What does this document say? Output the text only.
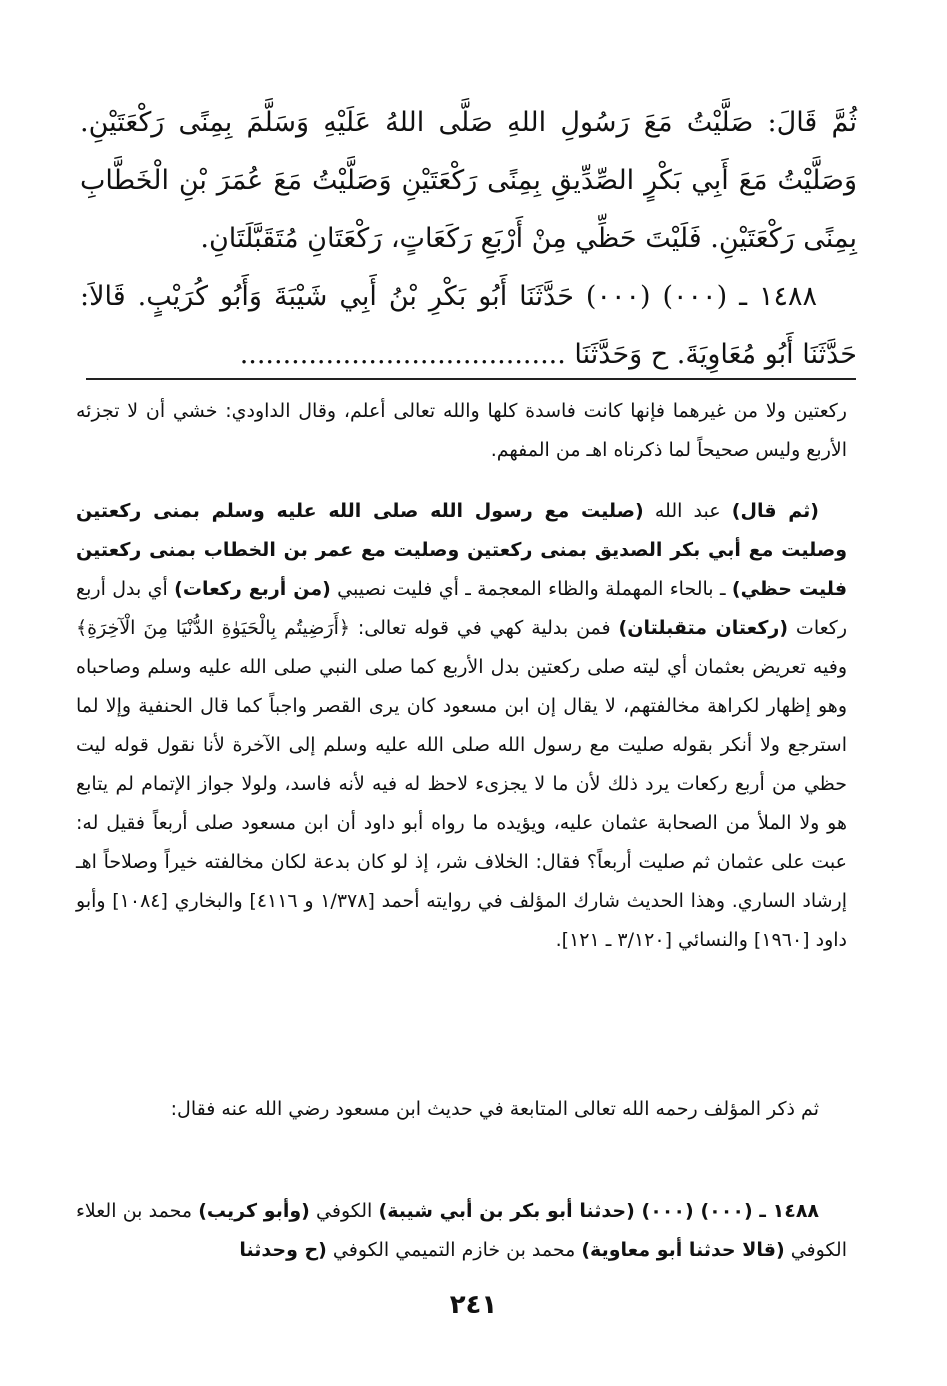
ثُمَّ قَالَ: صَلَّيْتُ مَعَ رَسُولِ اللهِ صَلَّى اللهُ عَلَيْهِ وَسَلَّمَ بِمِنًى رَكْعَتَيْنِ. وَصَلَّيْتُ مَعَ أَبِي بَكْرٍ الصِّدِّيقِ بِمِنًى رَكْعَتَيْنِ وَصَلَّيْتُ مَعَ عُمَرَ بْنِ الْخَطَّابِ بِمِنًى رَكْعَتَيْنِ. فَلَيْتَ حَظِّي مِنْ أَرْبَعِ رَكَعَاتٍ، رَكْعَتَانِ مُتَقَبَّلَتَانِ.

١٤٨٨ ـ (٠٠٠) (٠٠٠) حَدَّثَنَا أَبُو بَكْرِ بْنُ أَبِي شَيْبَةَ وَأَبُو كُرَيْبٍ. قَالاَ: حَدَّثَنَا أَبُو مُعَاوِيَةَ. ح وَحَدَّثَنَا ......................................

ركعتين ولا من غيرهما فإنها كانت فاسدة كلها والله تعالى أعلم، وقال الداودي: خشي أن لا تجزئه الأربع وليس صحيحاً لما ذكرناه اهـ من المفهم.

(ثم قال) عبد الله (صليت مع رسول الله صلى الله عليه وسلم بمنى ركعتين وصليت مع أبي بكر الصديق بمنى ركعتين وصليت مع عمر بن الخطاب بمنى ركعتين فليت حظي) ـ بالحاء المهملة والظاء المعجمة ـ أي فليت نصيبي (من أربع ركعات) أي بدل أربع ركعات (ركعتان متقبلتان) فمن بدلية كهي في قوله تعالى: ﴿أَرَضِيتُم بِالْحَيَوٰةِ الدُّنْيَا مِنَ الْآخِرَةِ﴾ وفيه تعريض بعثمان أي ليته صلى ركعتين بدل الأربع كما صلى النبي صلى الله عليه وسلم وصاحباه وهو إظهار لكراهة مخالفتهم، لا يقال إن ابن مسعود كان يرى القصر واجباً كما قال الحنفية وإلا لما استرجع ولا أنكر بقوله صليت مع رسول الله صلى الله عليه وسلم إلى الآخرة لأنا نقول قوله ليت حظي من أربع ركعات يرد ذلك لأن ما لا يجزىء لاحظ له فيه لأنه فاسد، ولولا جواز الإتمام لم يتابع هو ولا الملأ من الصحابة عثمان عليه، ويؤيده ما رواه أبو داود أن ابن مسعود صلى أربعاً فقيل له: عبت على عثمان ثم صليت أربعاً؟ فقال: الخلاف شر، إذ لو كان بدعة لكان مخالفته خيراً وصلاحاً اهـ إرشاد الساري. وهذا الحديث شارك المؤلف في روايته أحمد [١/٣٧٨ و ٤١١٦] والبخاري [١٠٨٤] وأبو داود [١٩٦٠] والنسائي [٣/١٢٠ ـ ١٢١].

ثم ذكر المؤلف رحمه الله تعالى المتابعة في حديث ابن مسعود رضي الله عنه فقال:

١٤٨٨ ـ (٠٠٠) (٠٠٠) (حدثنا أبو بكر بن أبي شيبة) الكوفي (وأبو كريب) محمد بن العلاء الكوفي (قالا حدثنا أبو معاوية) محمد بن خازم التميمي الكوفي (ح وحدثنا

٢٤١
